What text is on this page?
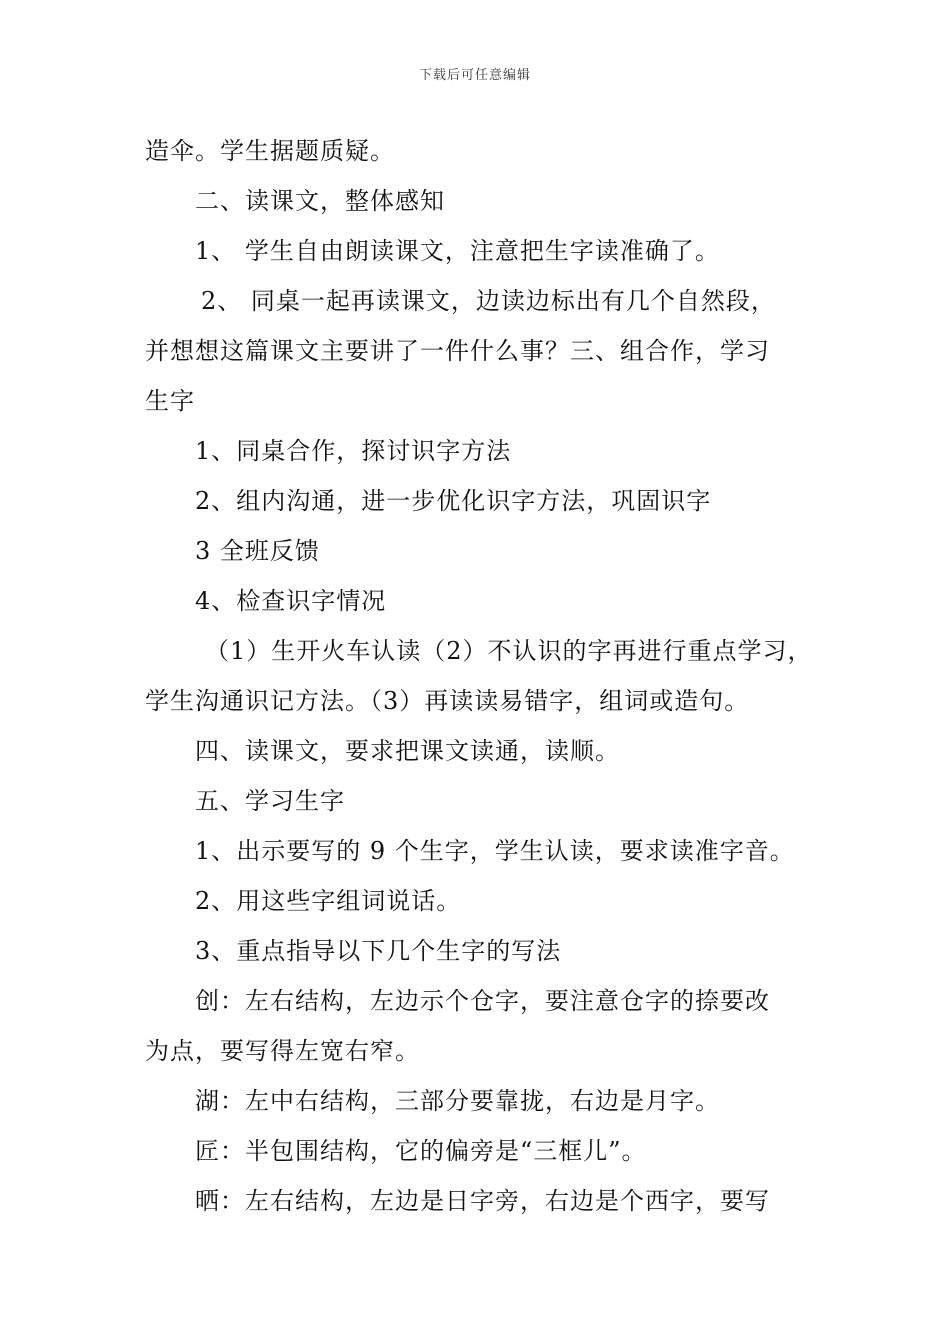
下载后可任意编辑
造伞。学生据题质疑。
二、读课文，整体感知
1、 学生自由朗读课文，注意把生字读准确了。
2、 同桌一起再读课文，边读边标出有几个自然段，
并想想这篇课文主要讲了一件什么事？三、组合作，学习
生字
1、同桌合作，探讨识字方法
2、组内沟通，进一步优化识字方法，巩固识字
3 全班反馈
4、检查识字情况
（1）生开火车认读（2）不认识的字再进行重点学习，
学生沟通识记方法。（3）再读读易错字，组词或造句。
四、读课文，要求把课文读通，读顺。
五、学习生字
1、出示要写的 9 个生字，学生认读，要求读准字音。
2、用这些字组词说话。
3、重点指导以下几个生字的写法
创：左右结构，左边示个仓字，要注意仓字的捺要改
为点，要写得左宽右窄。
湖：左中右结构，三部分要靠拢，右边是月字。
匠：半包围结构，它的偏旁是“三框儿”。
晒：左右结构，左边是日字旁，右边是个西字，要写
